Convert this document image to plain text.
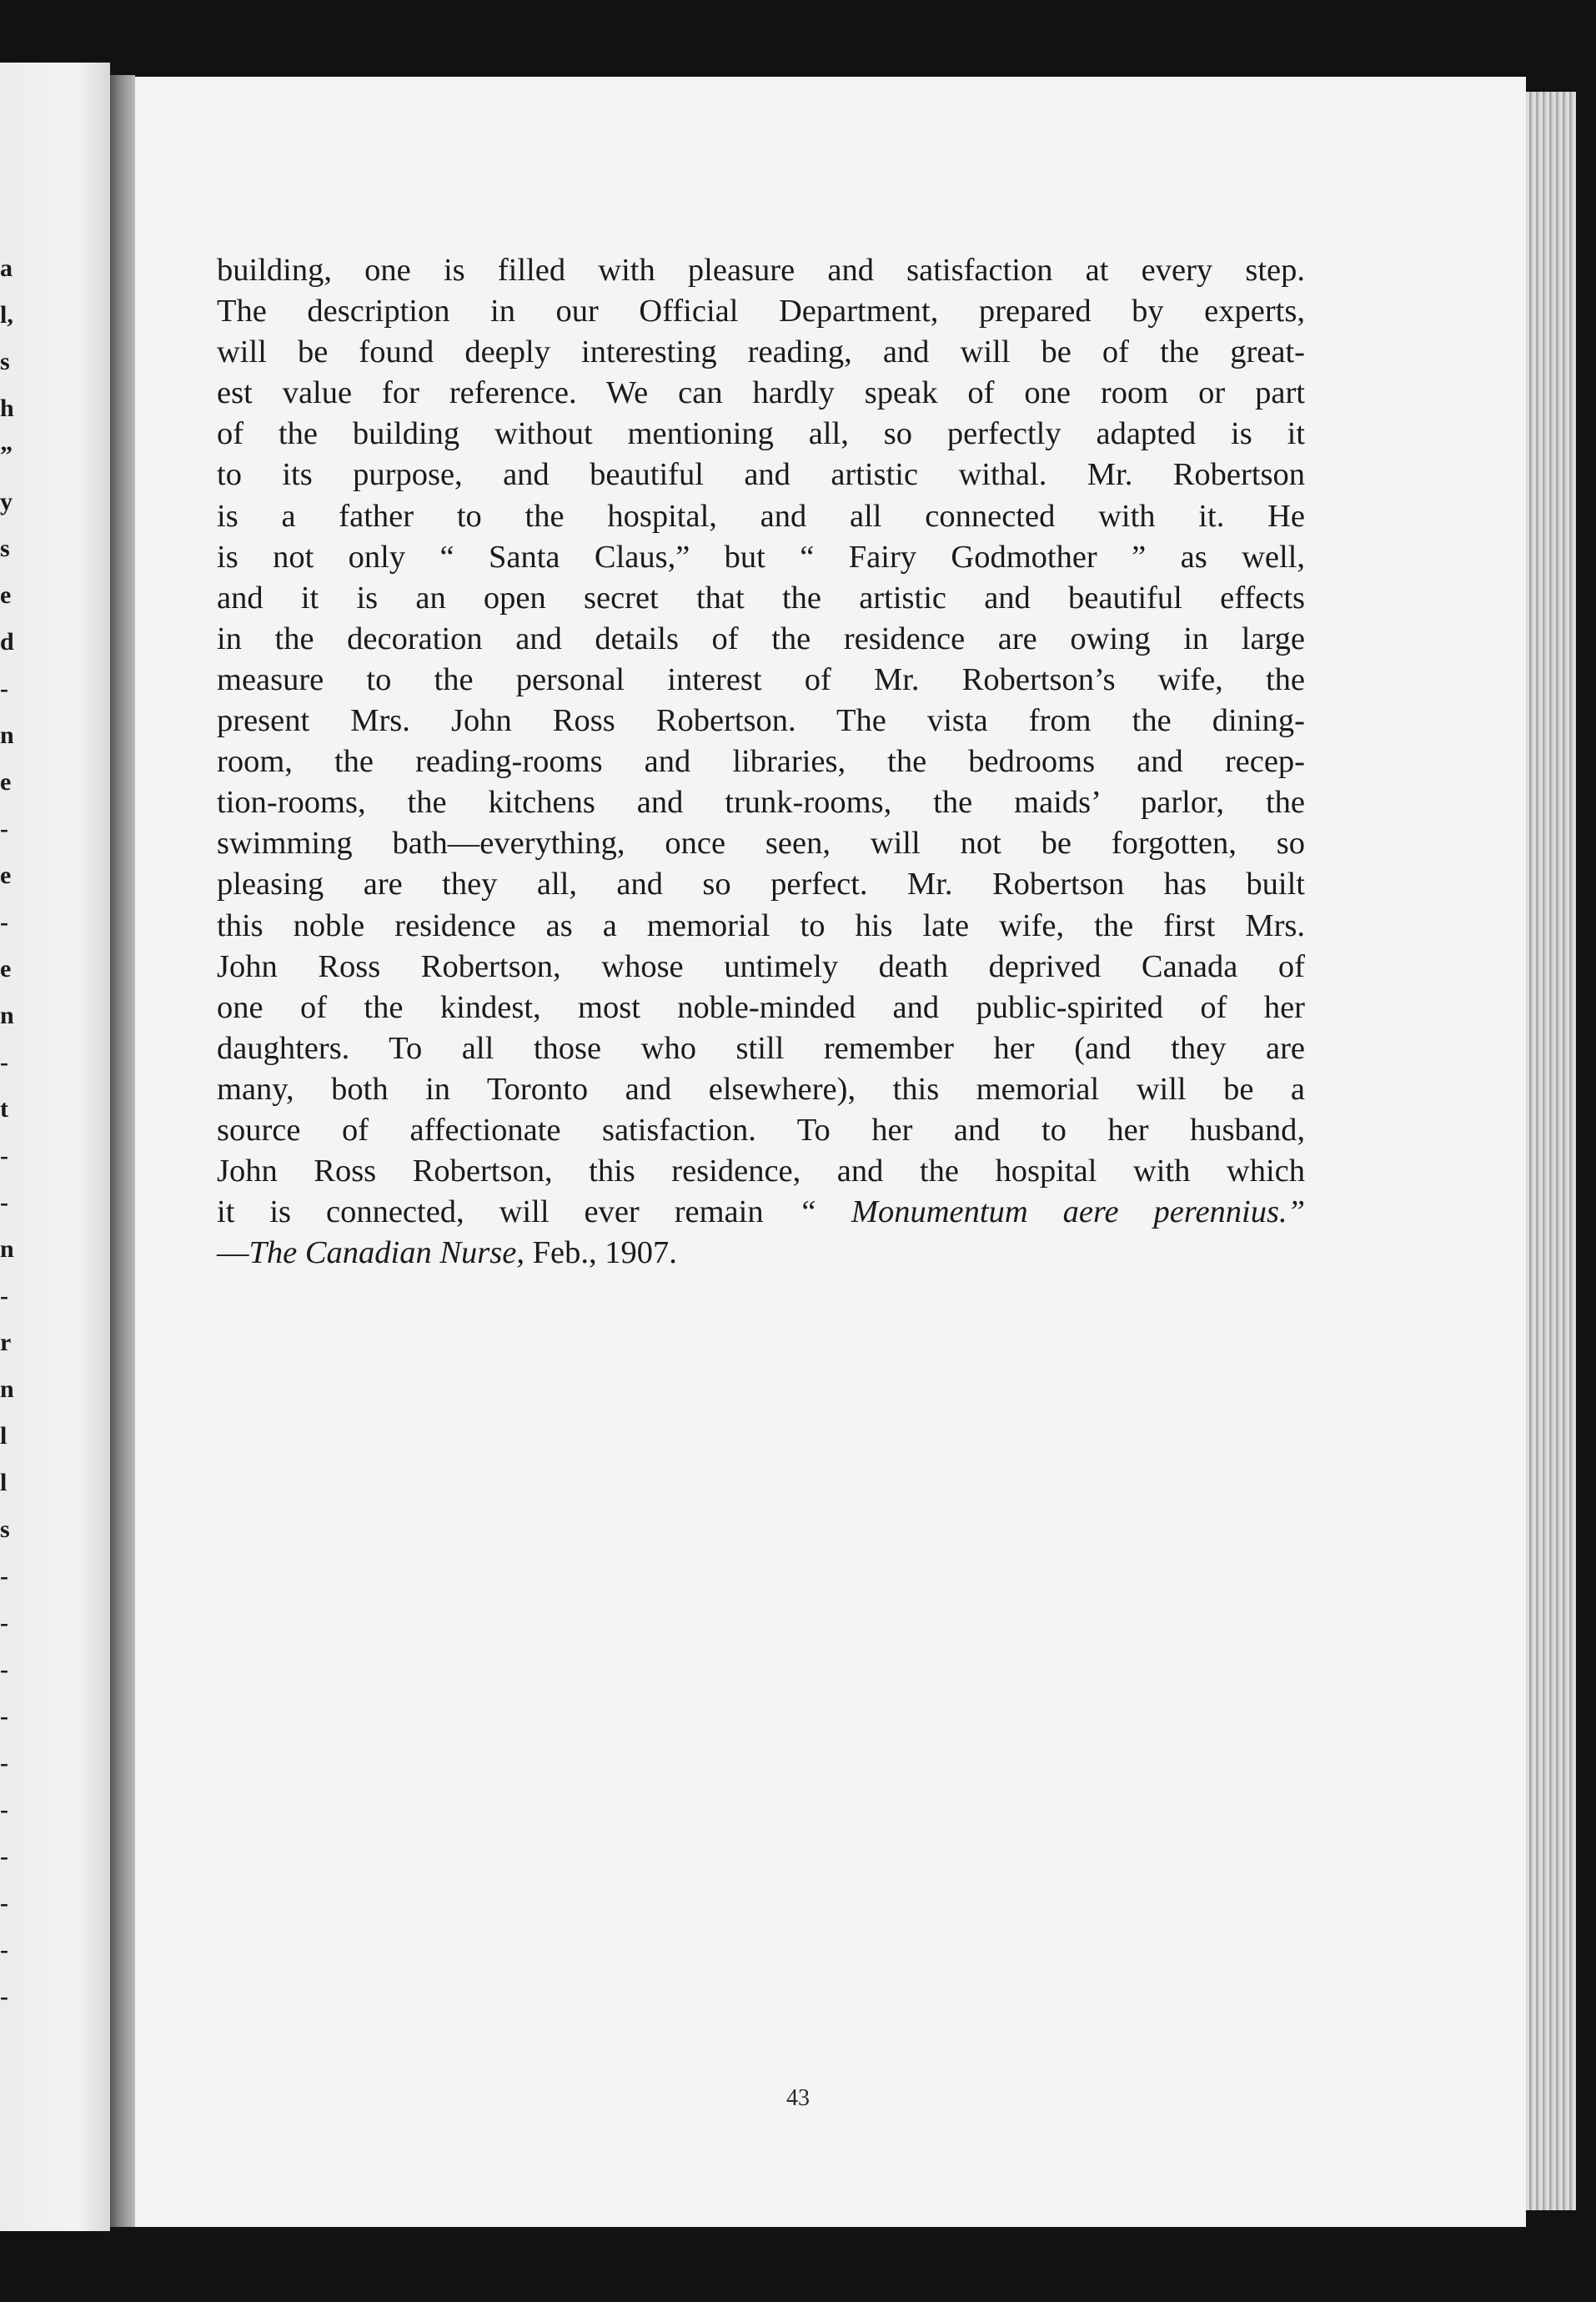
a
l,
s
h
”
y
s
e
d
-
n
e
-
e
-
e
n
-
t
-
-
n
-
r
n
l
l
s
-
-
-
-
-
-
-
-
-
-
building, one is filled with pleasure and satisfaction at every step.
The description in our Official Department, prepared by experts,
will be found deeply interesting reading, and will be of the great-
est value for reference. We can hardly speak of one room or part
of the building without mentioning all, so perfectly adapted is it
to its purpose, and beautiful and artistic withal. Mr. Robertson
is a father to the hospital, and all connected with it. He
is not only “ Santa Claus,” but “ Fairy Godmother ” as well,
and it is an open secret that the artistic and beautiful effects
in the decoration and details of the residence are owing in large
measure to the personal interest of Mr. Robertson’s wife, the
present Mrs. John Ross Robertson. The vista from the dining-
room, the reading-rooms and libraries, the bedrooms and recep-
tion-rooms, the kitchens and trunk-rooms, the maids’ parlor, the
swimming bath—everything, once seen, will not be forgotten, so
pleasing are they all, and so perfect. Mr. Robertson has built
this noble residence as a memorial to his late wife, the first Mrs.
John Ross Robertson, whose untimely death deprived Canada of
one of the kindest, most noble-minded and public-spirited of her
daughters. To all those who still remember her (and they are
many, both in Toronto and elsewhere), this memorial will be a
source of affectionate satisfaction. To her and to her husband,
John Ross Robertson, this residence, and the hospital with which
it is connected, will ever remain “ Monumentum aere perennius.”
—The Canadian Nurse, Feb., 1907.
43
